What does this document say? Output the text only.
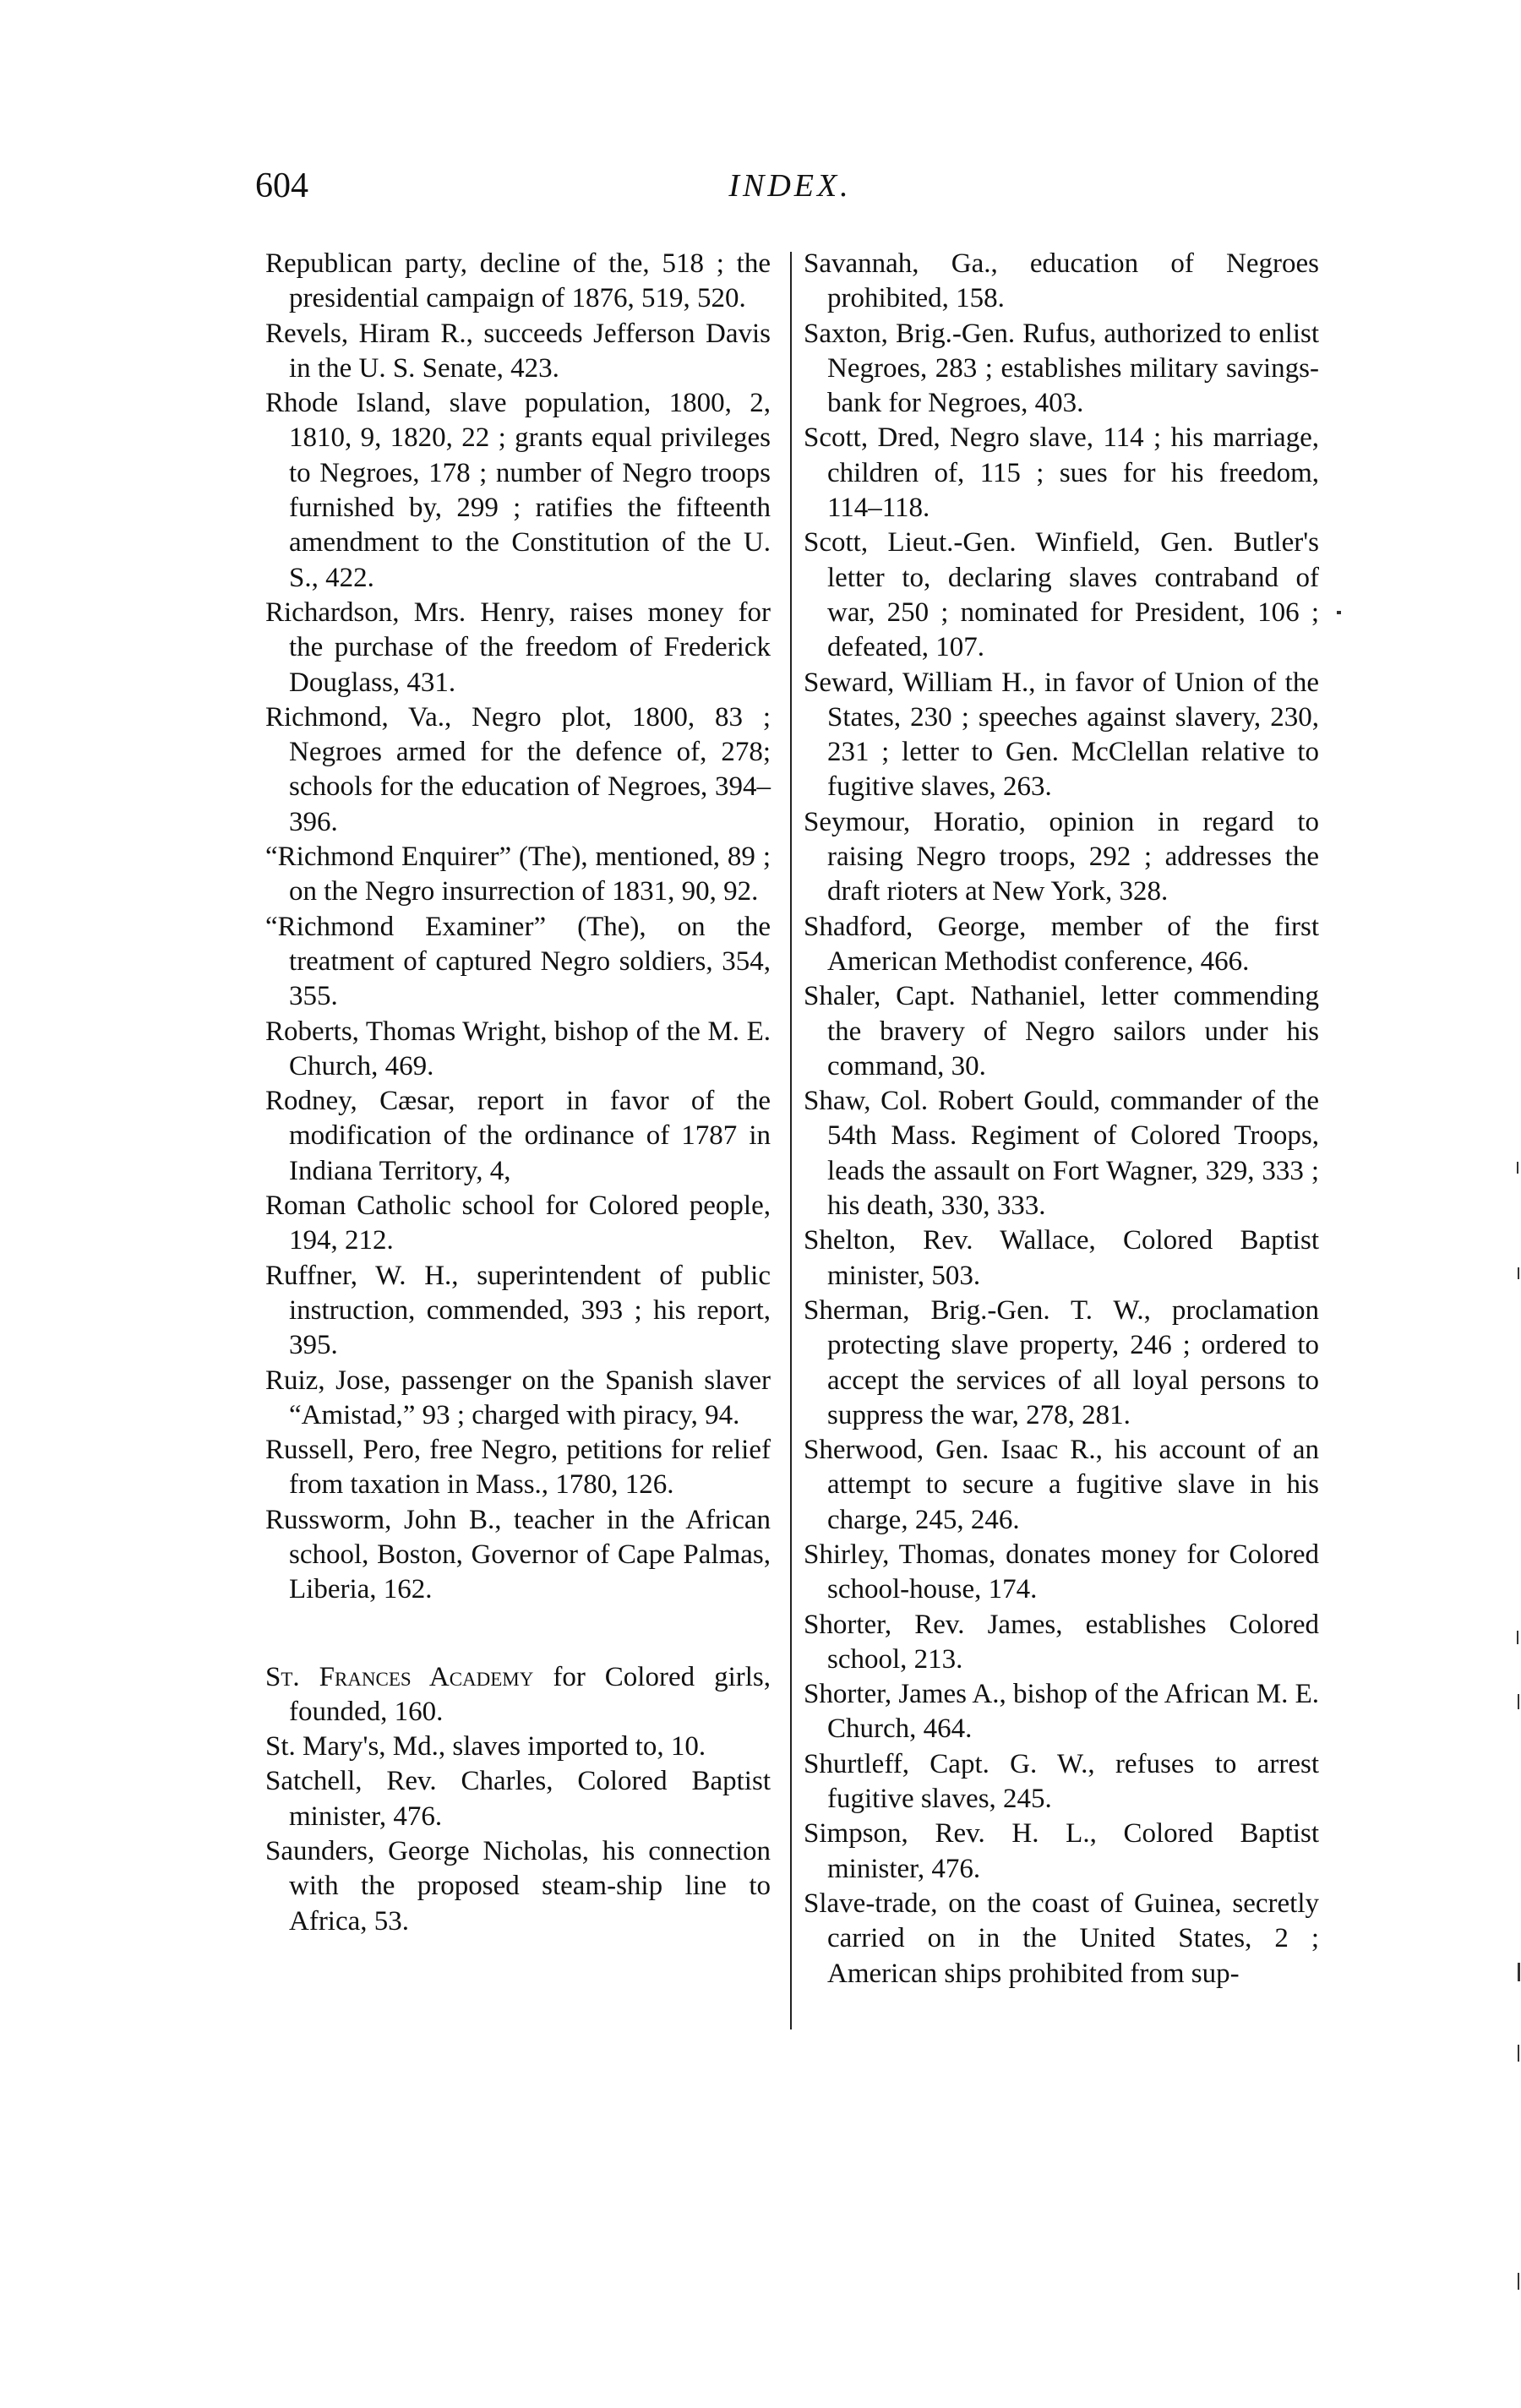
604	INDEX.

Republican party, decline of the, 518 ; the presidential campaign of 1876, 519, 520.

Revels, Hiram R., succeeds Jefferson Davis in the U. S. Senate, 423.

Rhode Island, slave population, 1800, 2, 1810, 9, 1820, 22 ; grants equal privileges to Negroes, 178 ; number of Negro troops furnished by, 299 ; ratifies the fifteenth amendment to the Constitution of the U. S., 422.

Richardson, Mrs. Henry, raises money for the purchase of the freedom of Frederick Douglass, 431.

Richmond, Va., Negro plot, 1800, 83 ; Negroes armed for the defence of, 278; schools for the education of Negroes, 394–396.

“Richmond Enquirer” (The), mentioned, 89 ; on the Negro insurrection of 1831, 90, 92.

“Richmond Examiner” (The), on the treatment of captured Negro soldiers, 354, 355.

Roberts, Thomas Wright, bishop of the M. E. Church, 469.

Rodney, Cæsar, report in favor of the modification of the ordinance of 1787 in Indiana Territory, 4,

Roman Catholic school for Colored people, 194, 212.

Ruffner, W. H., superintendent of public instruction, commended, 393 ; his report, 395.

Ruiz, Jose, passenger on the Spanish slaver “Amistad,” 93 ; charged with piracy, 94.

Russell, Pero, free Negro, petitions for relief from taxation in Mass., 1780, 126.

Russworm, John B., teacher in the African school, Boston, Governor of Cape Palmas, Liberia, 162.

St. Frances Academy for Colored girls, founded, 160.

St. Mary's, Md., slaves imported to, 10.

Satchell, Rev. Charles, Colored Baptist minister, 476.

Saunders, George Nicholas, his connection with the proposed steam-ship line to Africa, 53.

Savannah, Ga., education of Negroes prohibited, 158.

Saxton, Brig.-Gen. Rufus, authorized to enlist Negroes, 283 ; establishes military savings-bank for Negroes, 403.

Scott, Dred, Negro slave, 114 ; his marriage, children of, 115 ; sues for his freedom, 114–118.

Scott, Lieut.-Gen. Winfield, Gen. Butler's letter to, declaring slaves contraband of war, 250 ; nominated for President, 106 ; defeated, 107.

Seward, William H., in favor of Union of the States, 230 ; speeches against slavery, 230, 231 ; letter to Gen. McClellan relative to fugitive slaves, 263.

Seymour, Horatio, opinion in regard to raising Negro troops, 292 ; addresses the draft rioters at New York, 328.

Shadford, George, member of the first American Methodist conference, 466.

Shaler, Capt. Nathaniel, letter commending the bravery of Negro sailors under his command, 30.

Shaw, Col. Robert Gould, commander of the 54th Mass. Regiment of Colored Troops, leads the assault on Fort Wagner, 329, 333 ; his death, 330, 333.

Shelton, Rev. Wallace, Colored Baptist minister, 503.

Sherman, Brig.-Gen. T. W., proclamation protecting slave property, 246 ; ordered to accept the services of all loyal persons to suppress the war, 278, 281.

Sherwood, Gen. Isaac R., his account of an attempt to secure a fugitive slave in his charge, 245, 246.

Shirley, Thomas, donates money for Colored school-house, 174.

Shorter, Rev. James, establishes Colored school, 213.

Shorter, James A., bishop of the African M. E. Church, 464.

Shurtleff, Capt. G. W., refuses to arrest fugitive slaves, 245.

Simpson, Rev. H. L., Colored Baptist minister, 476.

Slave-trade, on the coast of Guinea, secretly carried on in the United States, 2 ; American ships prohibited from sup-
